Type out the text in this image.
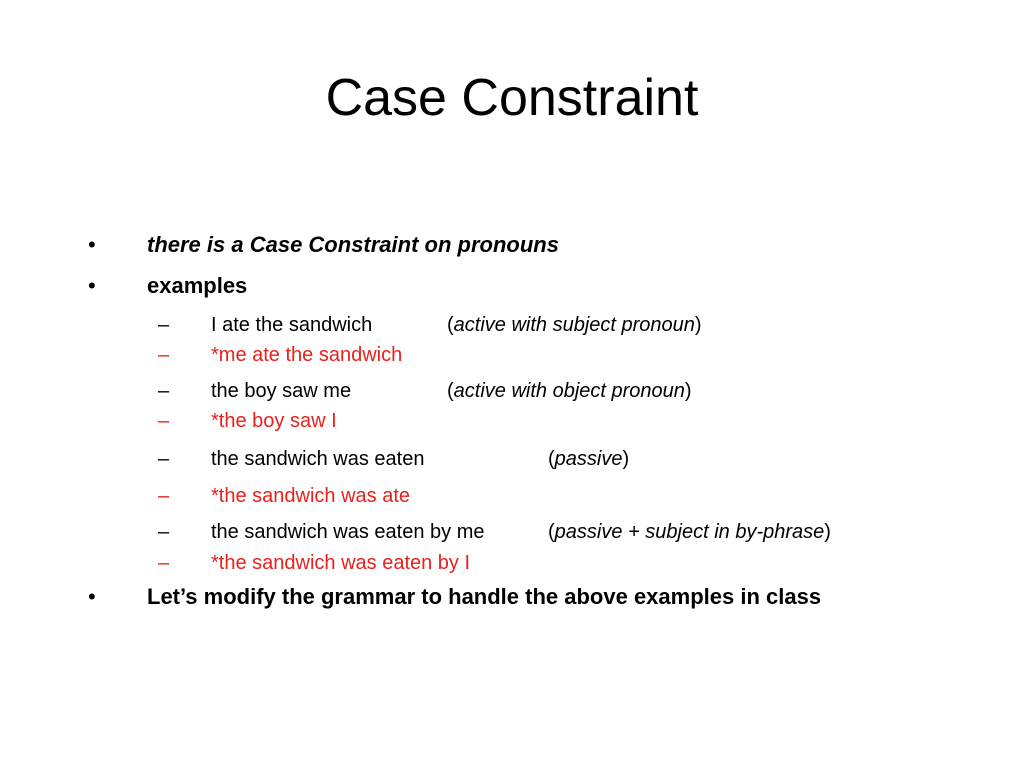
Case Constraint
• there is a Case Constraint on pronouns
• examples
– I ate the sandwich	(active with subject pronoun)
– *me ate the sandwich
– the boy saw me	(active with object pronoun)
– *the boy saw I
– the sandwich was eaten	(passive)
– *the sandwich was ate
– the sandwich was eaten by me	(passive + subject in by-phrase)
– *the sandwich was eaten by I
• Let’s modify the grammar to handle the above examples in class
